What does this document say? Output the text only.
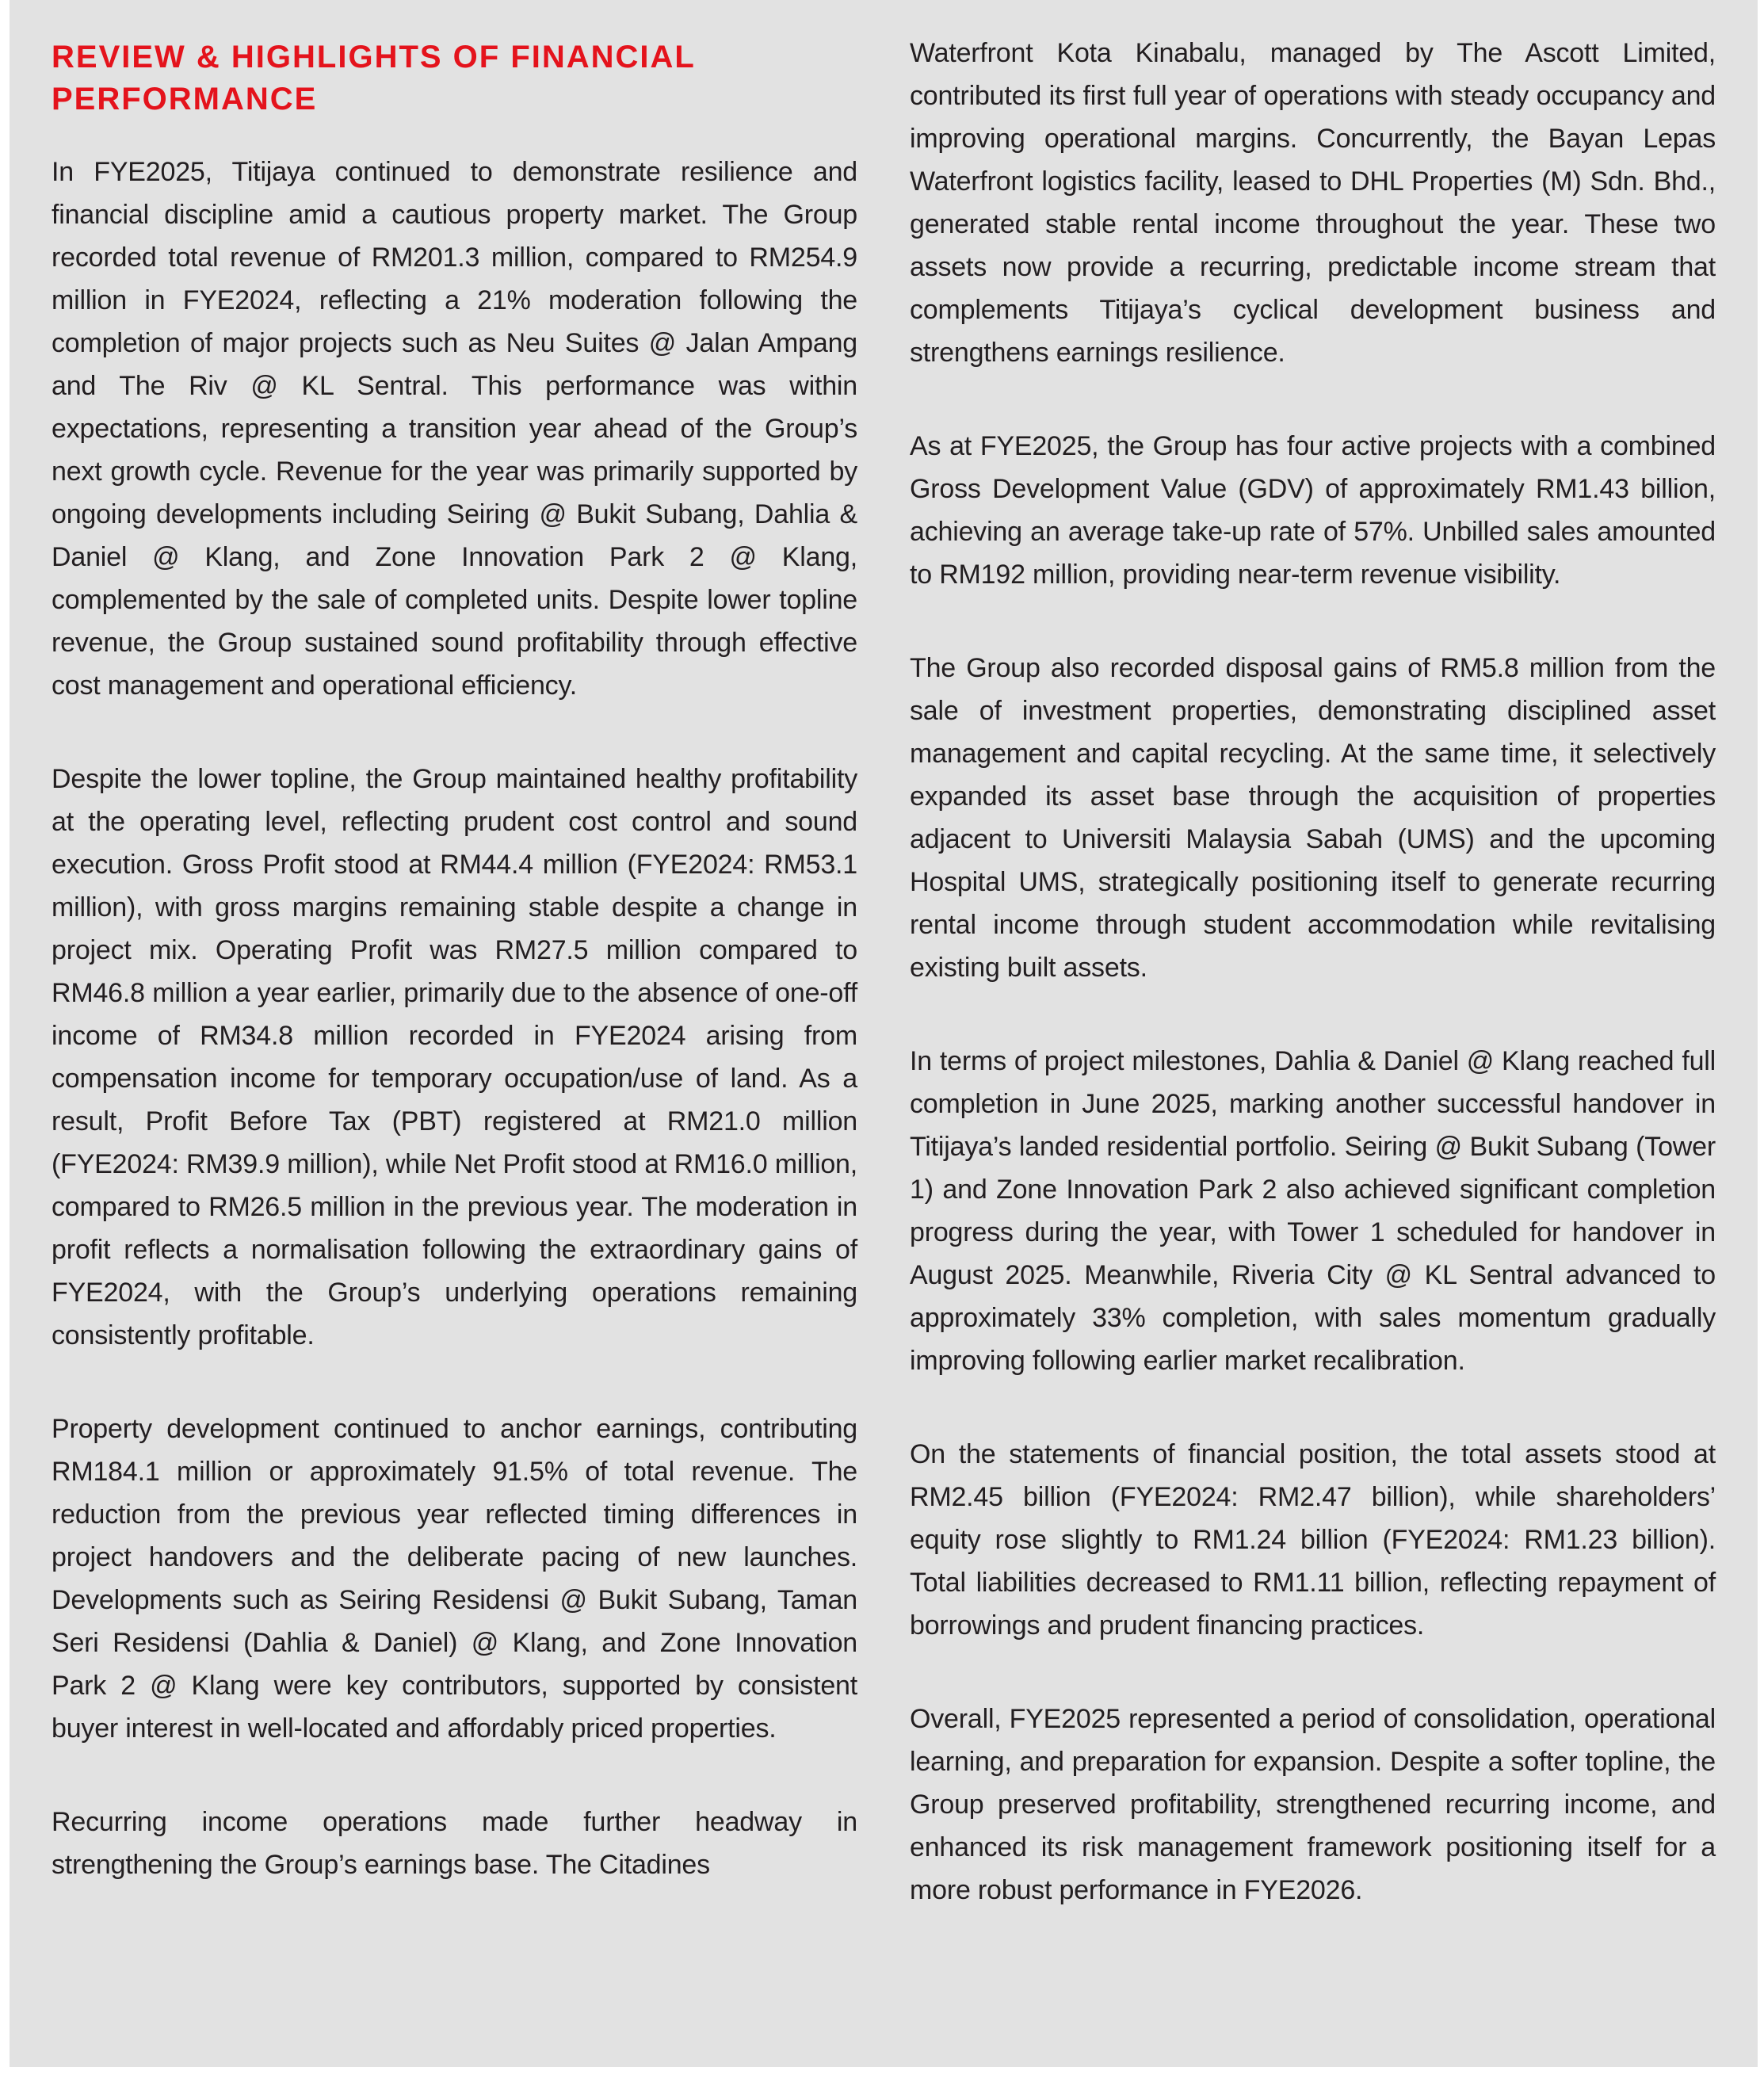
REVIEW & HIGHLIGHTS OF FINANCIAL
PERFORMANCE

In FYE2025, Titijaya continued to demonstrate resilience and financial discipline amid a cautious property market. The Group recorded total revenue of RM201.3 million, compared to RM254.9 million in FYE2024, reflecting a 21% moderation following the completion of major projects such as Neu Suites @ Jalan Ampang and The Riv @ KL Sentral. This performance was within expectations, representing a transition year ahead of the Group’s next growth cycle. Revenue for the year was primarily supported by ongoing developments including Seiring @ Bukit Subang, Dahlia & Daniel @ Klang, and Zone Innovation Park 2 @ Klang, complemented by the sale of completed units. Despite lower topline revenue, the Group sustained sound profitability through effective cost management and operational efficiency.

Despite the lower topline, the Group maintained healthy profitability at the operating level, reflecting prudent cost control and sound execution. Gross Profit stood at RM44.4 million (FYE2024: RM53.1 million), with gross margins remaining stable despite a change in project mix. Operating Profit was RM27.5 million compared to RM46.8 million a year earlier, primarily due to the absence of one-off income of RM34.8 million recorded in FYE2024 arising from compensation income for temporary occupation/use of land. As a result, Profit Before Tax (PBT) registered at RM21.0 million (FYE2024: RM39.9 million), while Net Profit stood at RM16.0 million, compared to RM26.5 million in the previous year. The moderation in profit reflects a normalisation following the extraordinary gains of FYE2024, with the Group’s underlying operations remaining consistently profitable.

Property development continued to anchor earnings, contributing RM184.1 million or approximately 91.5% of total revenue. The reduction from the previous year reflected timing differences in project handovers and the deliberate pacing of new launches. Developments such as Seiring Residensi @ Bukit Subang, Taman Seri Residensi (Dahlia & Daniel) @ Klang, and Zone Innovation Park 2 @ Klang were key contributors, supported by consistent buyer interest in well-located and affordably priced properties.

Recurring income operations made further headway in strengthening the Group’s earnings base. The Citadines

Waterfront Kota Kinabalu, managed by The Ascott Limited, contributed its first full year of operations with steady occupancy and improving operational margins. Concurrently, the Bayan Lepas Waterfront logistics facility, leased to DHL Properties (M) Sdn. Bhd., generated stable rental income throughout the year. These two assets now provide a recurring, predictable income stream that complements Titijaya’s cyclical development business and strengthens earnings resilience.

As at FYE2025, the Group has four active projects with a combined Gross Development Value (GDV) of approximately RM1.43 billion, achieving an average take-up rate of 57%. Unbilled sales amounted to RM192 million, providing near-term revenue visibility.

The Group also recorded disposal gains of RM5.8 million from the sale of investment properties, demonstrating disciplined asset management and capital recycling. At the same time, it selectively expanded its asset base through the acquisition of properties adjacent to Universiti Malaysia Sabah (UMS) and the upcoming Hospital UMS, strategically positioning itself to generate recurring rental income through student accommodation while revitalising existing built assets.

In terms of project milestones, Dahlia & Daniel @ Klang reached full completion in June 2025, marking another successful handover in Titijaya’s landed residential portfolio. Seiring @ Bukit Subang (Tower 1) and Zone Innovation Park 2 also achieved significant completion progress during the year, with Tower 1 scheduled for handover in August 2025. Meanwhile, Riveria City @ KL Sentral advanced to approximately 33% completion, with sales momentum gradually improving following earlier market recalibration.

On the statements of financial position, the total assets stood at RM2.45 billion (FYE2024: RM2.47 billion), while shareholders’ equity rose slightly to RM1.24 billion (FYE2024: RM1.23 billion). Total liabilities decreased to RM1.11 billion, reflecting repayment of borrowings and prudent financing practices.

Overall, FYE2025 represented a period of consolidation, operational learning, and preparation for expansion. Despite a softer topline, the Group preserved profitability, strengthened recurring income, and enhanced its risk management framework positioning itself for a more robust performance in FYE2026.
